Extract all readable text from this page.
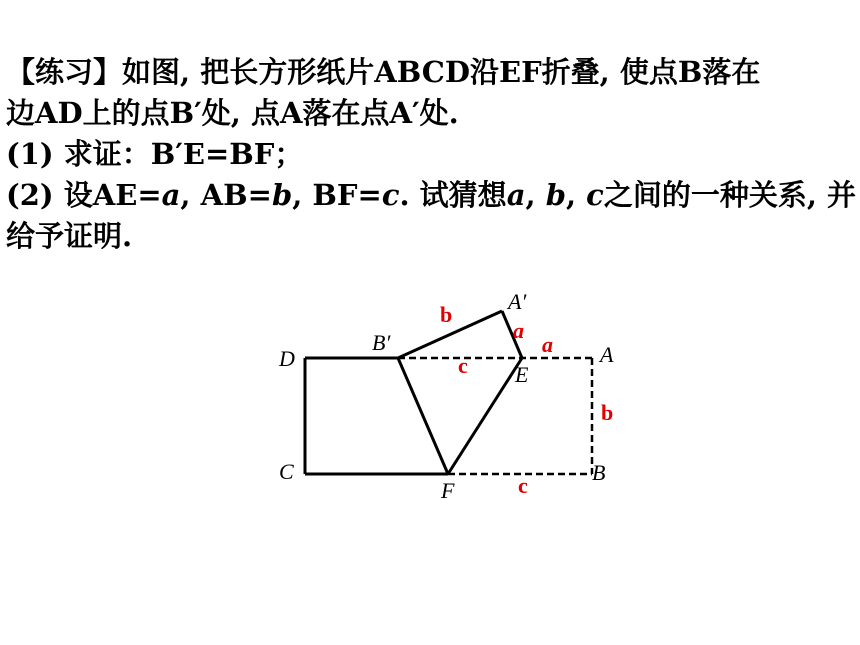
【练习】如图, 把长方形纸片ABCD沿EF折叠, 使点B落在
边AD上的点B′处, 点A落在点A′处.
(1) 求证：B′E=BF；
(2) 设AE=a, AB=b, BF=c. 试猜想a, b, c之间的一种关系, 并
给予证明.
D
C
B′
A′
E
A
B
F
b
a
a
c
b
c
